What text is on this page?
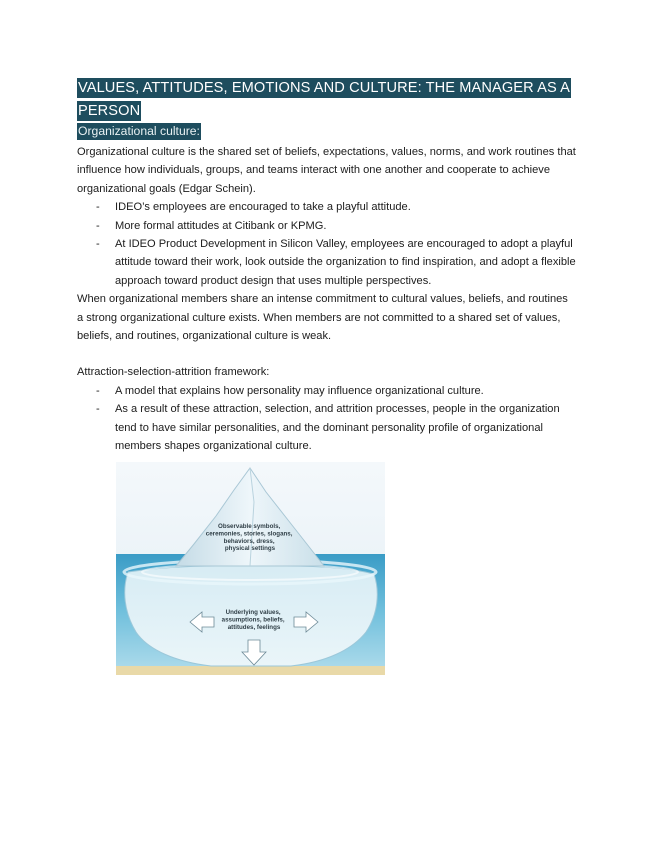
VALUES, ATTITUDES, EMOTIONS AND CULTURE: THE MANAGER AS A
PERSON
Organizational culture:

Organizational culture is the shared set of beliefs, expectations, values, norms, and work routines that influence how individuals, groups, and teams interact with one another and cooperate to achieve organizational goals (Edgar Schein).

- IDEO’s employees are encouraged to take a playful attitude.
- More formal attitudes at Citibank or KPMG.
- At IDEO Product Development in Silicon Valley, employees are encouraged to adopt a playful attitude toward their work, look outside the organization to find inspiration, and adopt a flexible approach toward product design that uses multiple perspectives.

When organizational members share an intense commitment to cultural values, beliefs, and routines a strong organizational culture exists. When members are not committed to a shared set of values, beliefs, and routines, organizational culture is weak.

Attraction-selection-attrition framework:

- A model that explains how personality may influence organizational culture.
- As a result of these attraction, selection, and attrition processes, people in the organization tend to have similar personalities, and the dominant personality profile of organizational members shapes organizational culture.
Observable symbols, ceremonies, stories, slogans, behaviors, dress, physical settings
Underlying values, assumptions, beliefs, attitudes, feelings
